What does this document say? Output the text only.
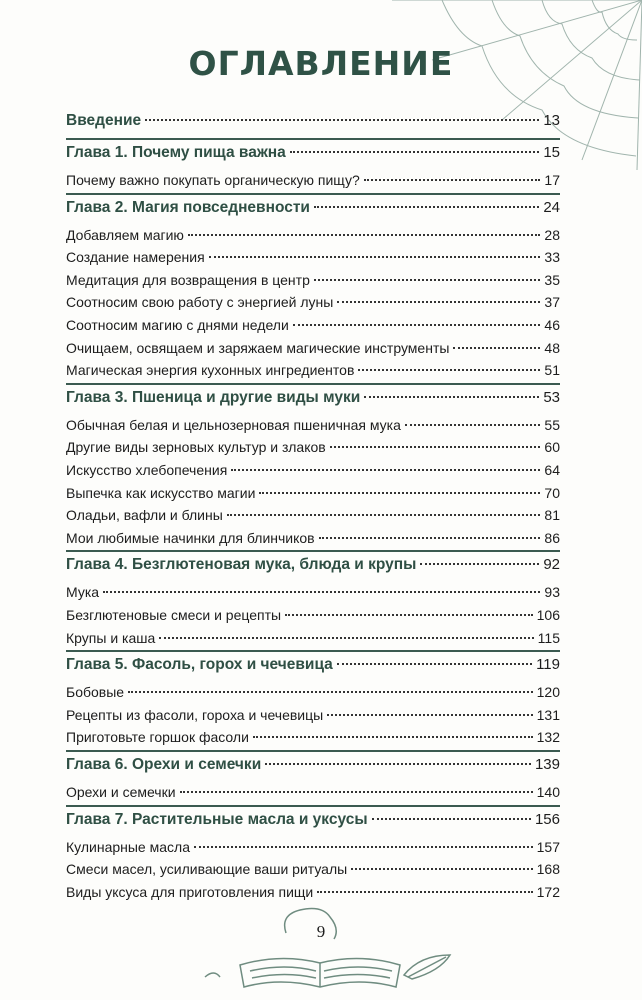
ОГЛАВЛЕНИЕ
Введение	13
Глава 1. Почему пища важна	15
Почему важно покупать органическую пищу?	17
Глава 2. Магия повседневности	24
Добавляем магию	28
Создание намерения	33
Медитация для возвращения в центр	35
Соотносим свою работу с энергией луны	37
Соотносим магию с днями недели	46
Очищаем, освящаем и заряжаем магические инструменты	48
Магическая энергия кухонных ингредиентов	51
Глава 3. Пшеница и другие виды муки	53
Обычная белая и цельнозерновая пшеничная мука	55
Другие виды зерновых культур и злаков	60
Искусство хлебопечения	64
Выпечка как искусство магии	70
Оладьи, вафли и блины	81
Мои любимые начинки для блинчиков	86
Глава 4. Безглютеновая мука, блюда и крупы	92
Мука	93
Безглютеновые смеси и рецепты	106
Крупы и каша	115
Глава 5. Фасоль, горох и чечевица	119
Бобовые	120
Рецепты из фасоли, гороха и чечевицы	131
Приготовьте горшок фасоли	132
Глава 6. Орехи и семечки	139
Орехи и семечки	140
Глава 7. Растительные масла и уксусы	156
Кулинарные масла	157
Смеси масел, усиливающие ваши ритуалы	168
Виды уксуса для приготовления пищи	172
9
